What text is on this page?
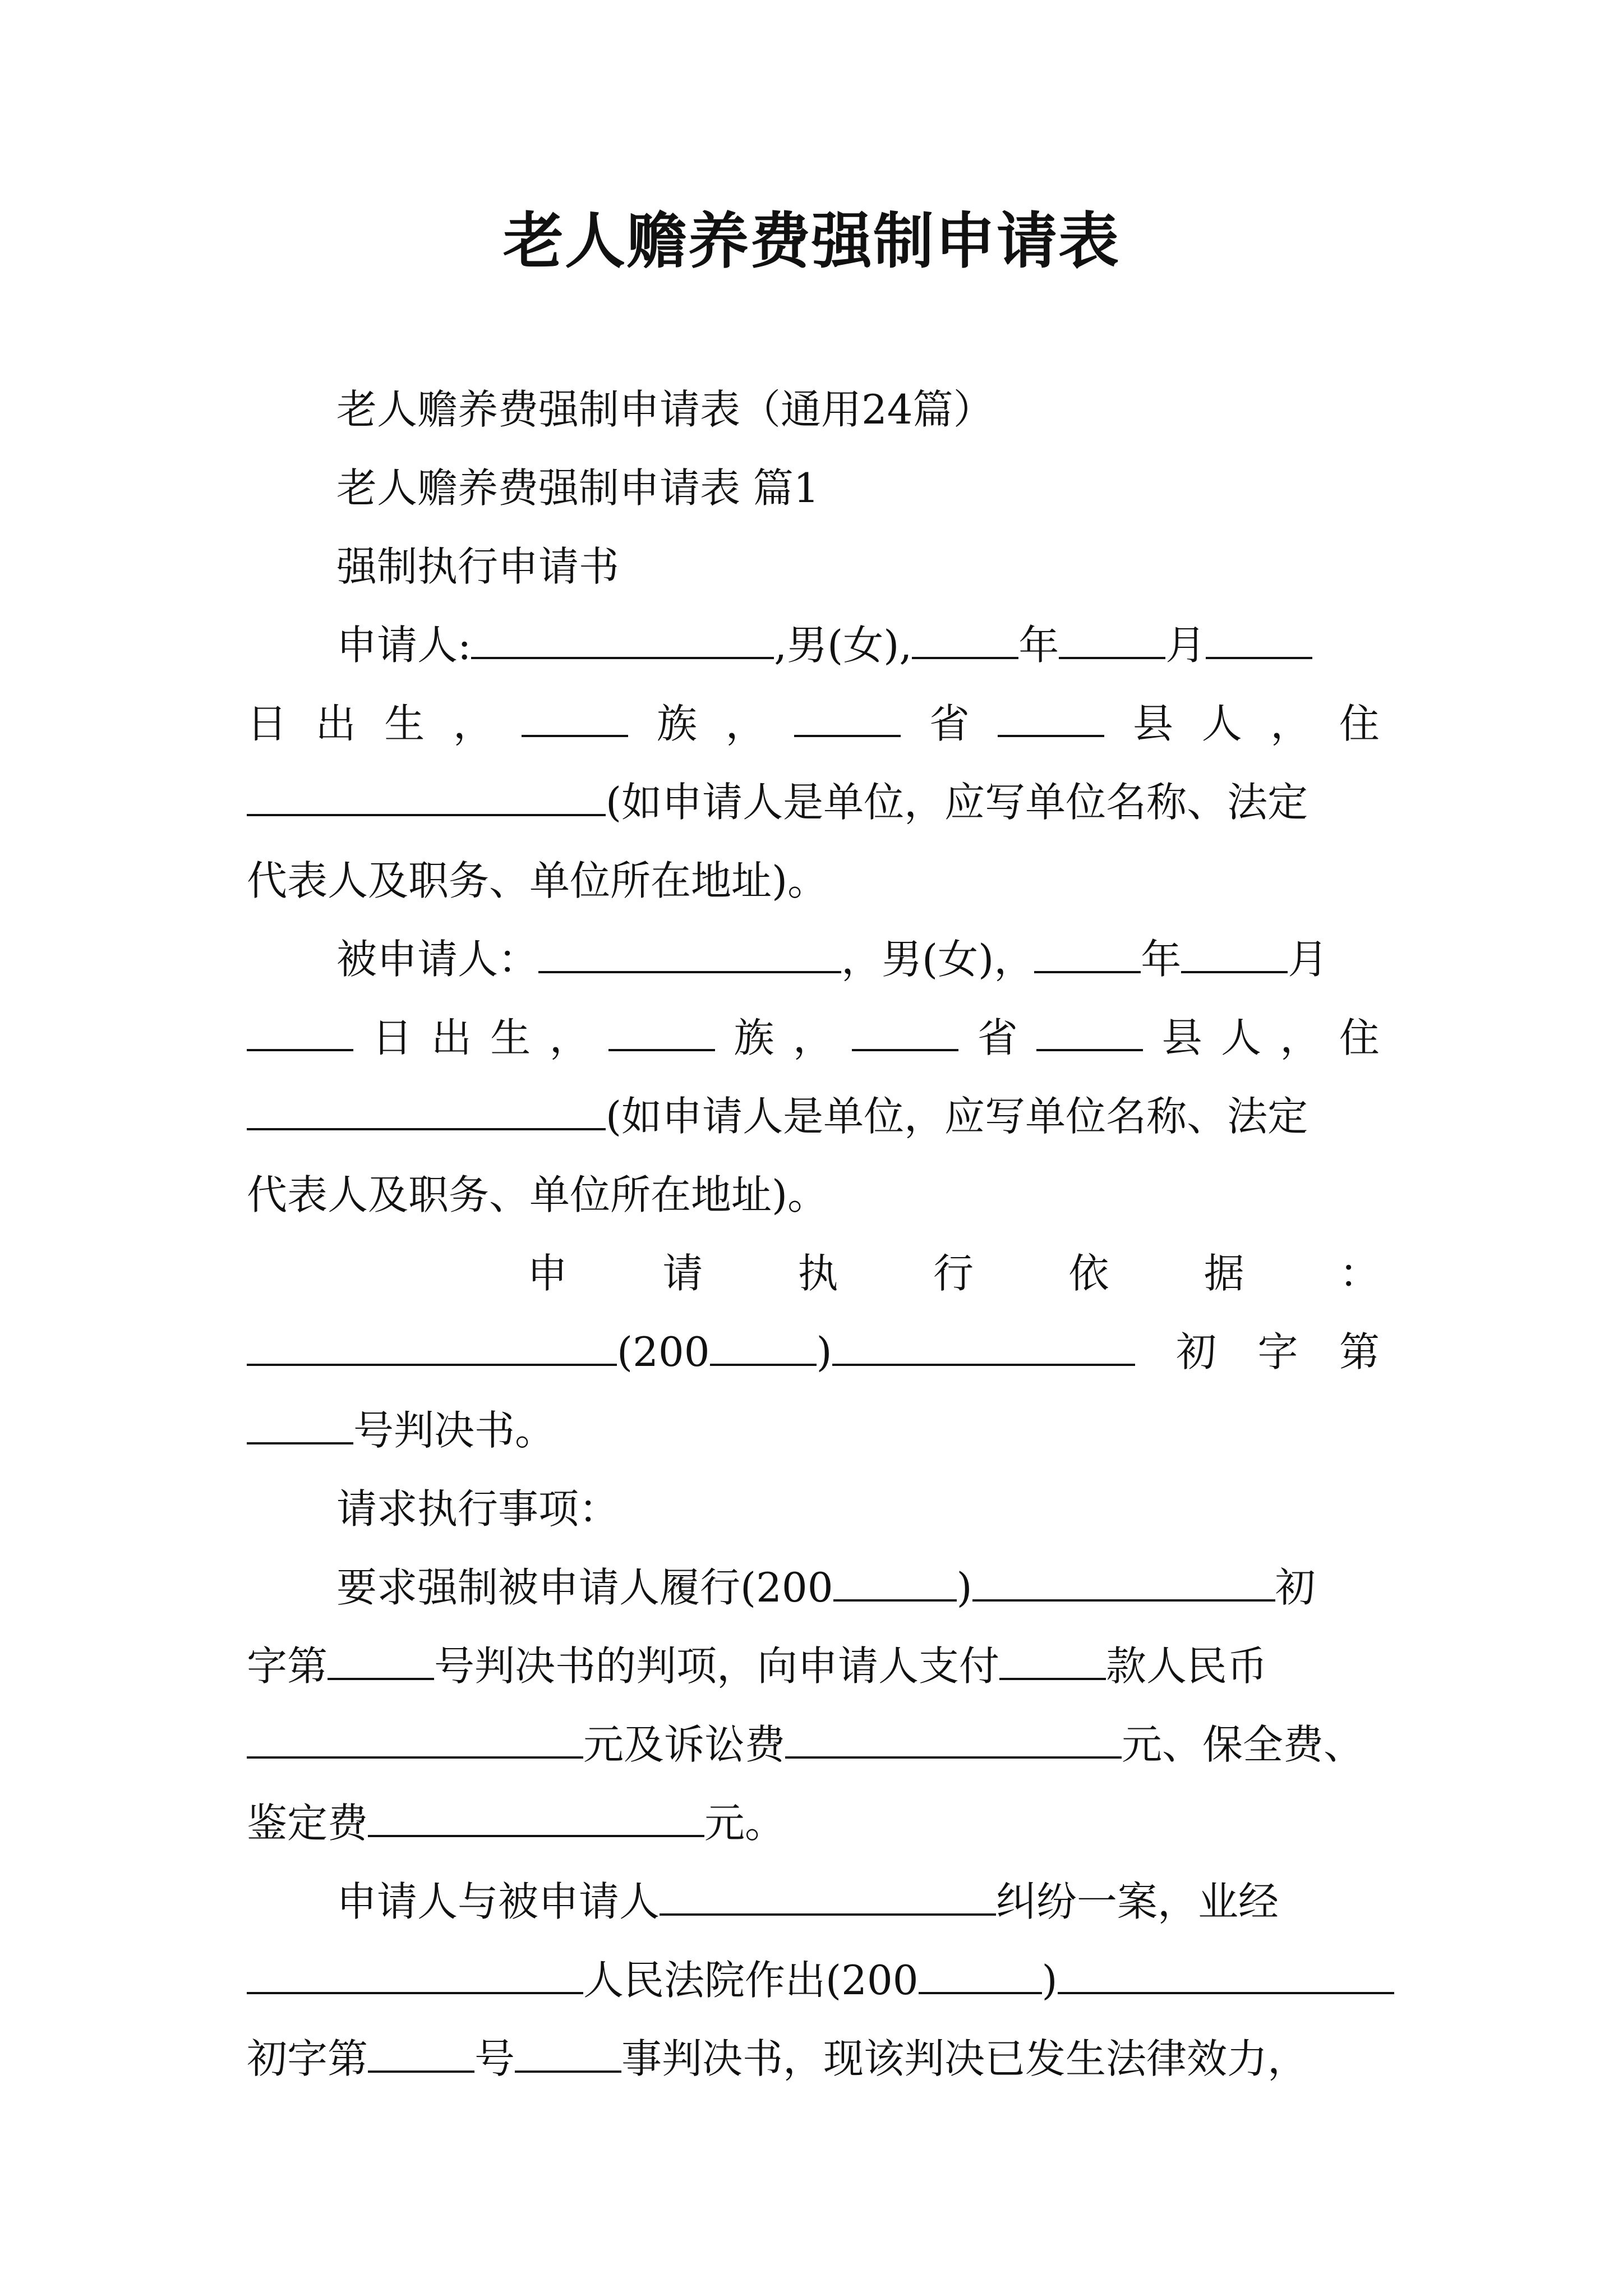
老人赡养费强制申请表
老人赡养费强制申请表（通用24篇）
老人赡养费强制申请表 篇1
强制执行申请书
申请人:	,男(女),	年	月
日 出 生 ，	族 ，	省	县 人 ， 住
(如申请人是单位，应写单位名称、法定
代表人及职务、单位所在地址)。
被申请人：	，男(女)，	年	月
日 出 生 ，	族 ，	省	县 人 ， 住
(如申请人是单位，应写单位名称、法定
代表人及职务、单位所在地址)。
申 请 执 行 依 据 ：
(200	)	初 字 第
号判决书。
请求执行事项：
要求强制被申请人履行(200	)	初
字第	号判决书的判项，向申请人支付	款人民币
元及诉讼费	元、保全费、
鉴定费	元。
申请人与被申请人	纠纷一案，业经
人民法院作出(200	)
初字第	号	事判决书，现该判决已发生法律效力，
